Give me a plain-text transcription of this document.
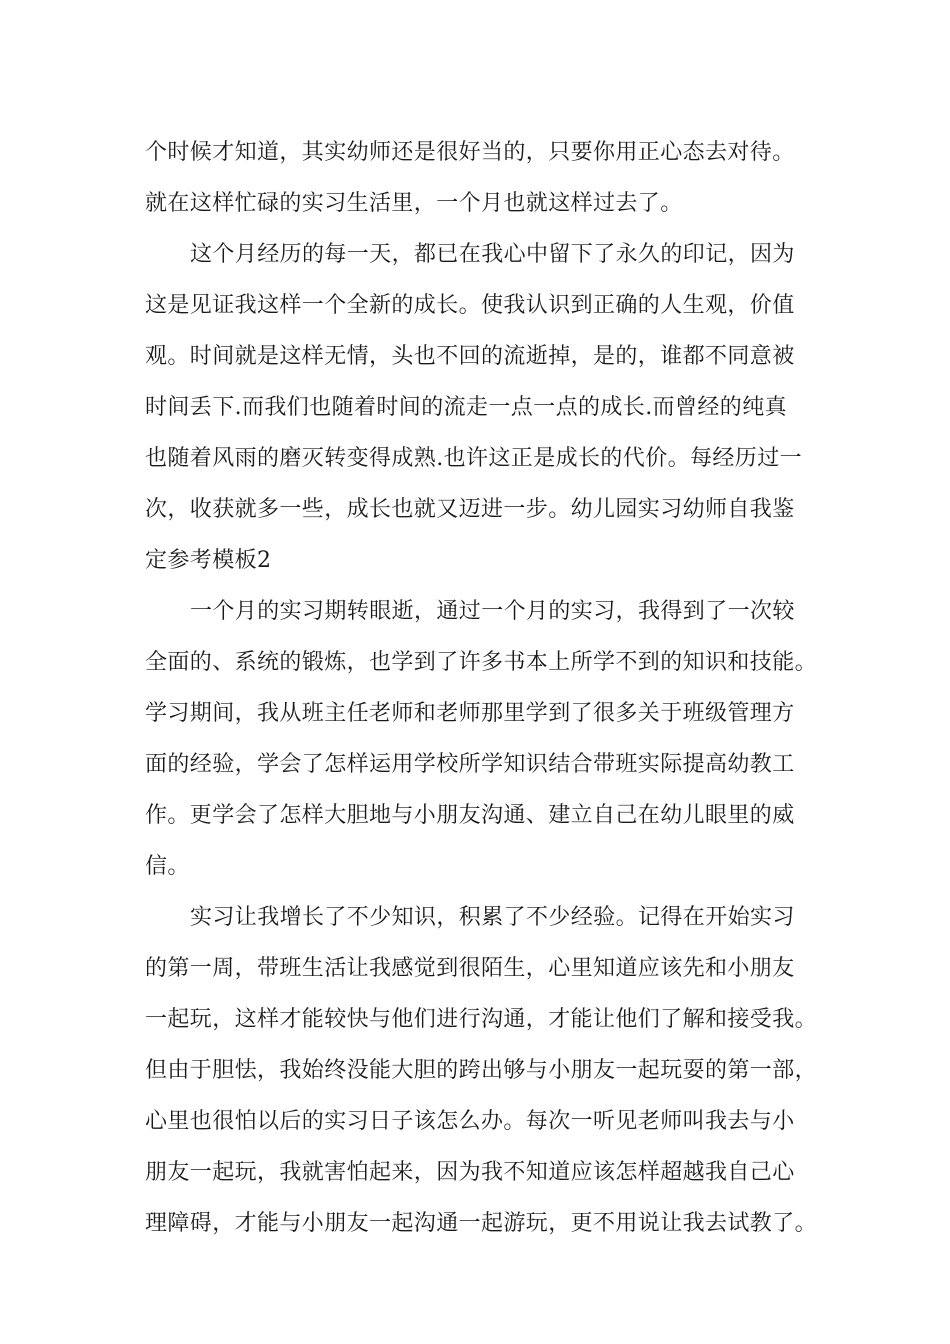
个时候才知道，其实幼师还是很好当的，只要你用正心态去对待。
就在这样忙碌的实习生活里，一个月也就这样过去了。
这个月经历的每一天，都已在我心中留下了永久的印记，因为
这是见证我这样一个全新的成长。使我认识到正确的人生观，价值
观。时间就是这样无情，头也不回的流逝掉，是的，谁都不同意被
时间丢下.而我们也随着时间的流走一点一点的成长.而曾经的纯真
也随着风雨的磨灭转变得成熟.也许这正是成长的代价。每经历过一
次，收获就多一些，成长也就又迈进一步。幼儿园实习幼师自我鉴
定参考模板2
一个月的实习期转眼逝，通过一个月的实习，我得到了一次较
全面的、系统的锻炼，也学到了许多书本上所学不到的知识和技能。
学习期间，我从班主任老师和老师那里学到了很多关于班级管理方
面的经验，学会了怎样运用学校所学知识结合带班实际提高幼教工
作。更学会了怎样大胆地与小朋友沟通、建立自己在幼儿眼里的威
信。
实习让我增长了不少知识，积累了不少经验。记得在开始实习
的第一周，带班生活让我感觉到很陌生，心里知道应该先和小朋友
一起玩，这样才能较快与他们进行沟通，才能让他们了解和接受我。
但由于胆怯，我始终没能大胆的跨出够与小朋友一起玩耍的第一部，
心里也很怕以后的实习日子该怎么办。每次一听见老师叫我去与小
朋友一起玩，我就害怕起来，因为我不知道应该怎样超越我自己心
理障碍，才能与小朋友一起沟通一起游玩，更不用说让我去试教了。
